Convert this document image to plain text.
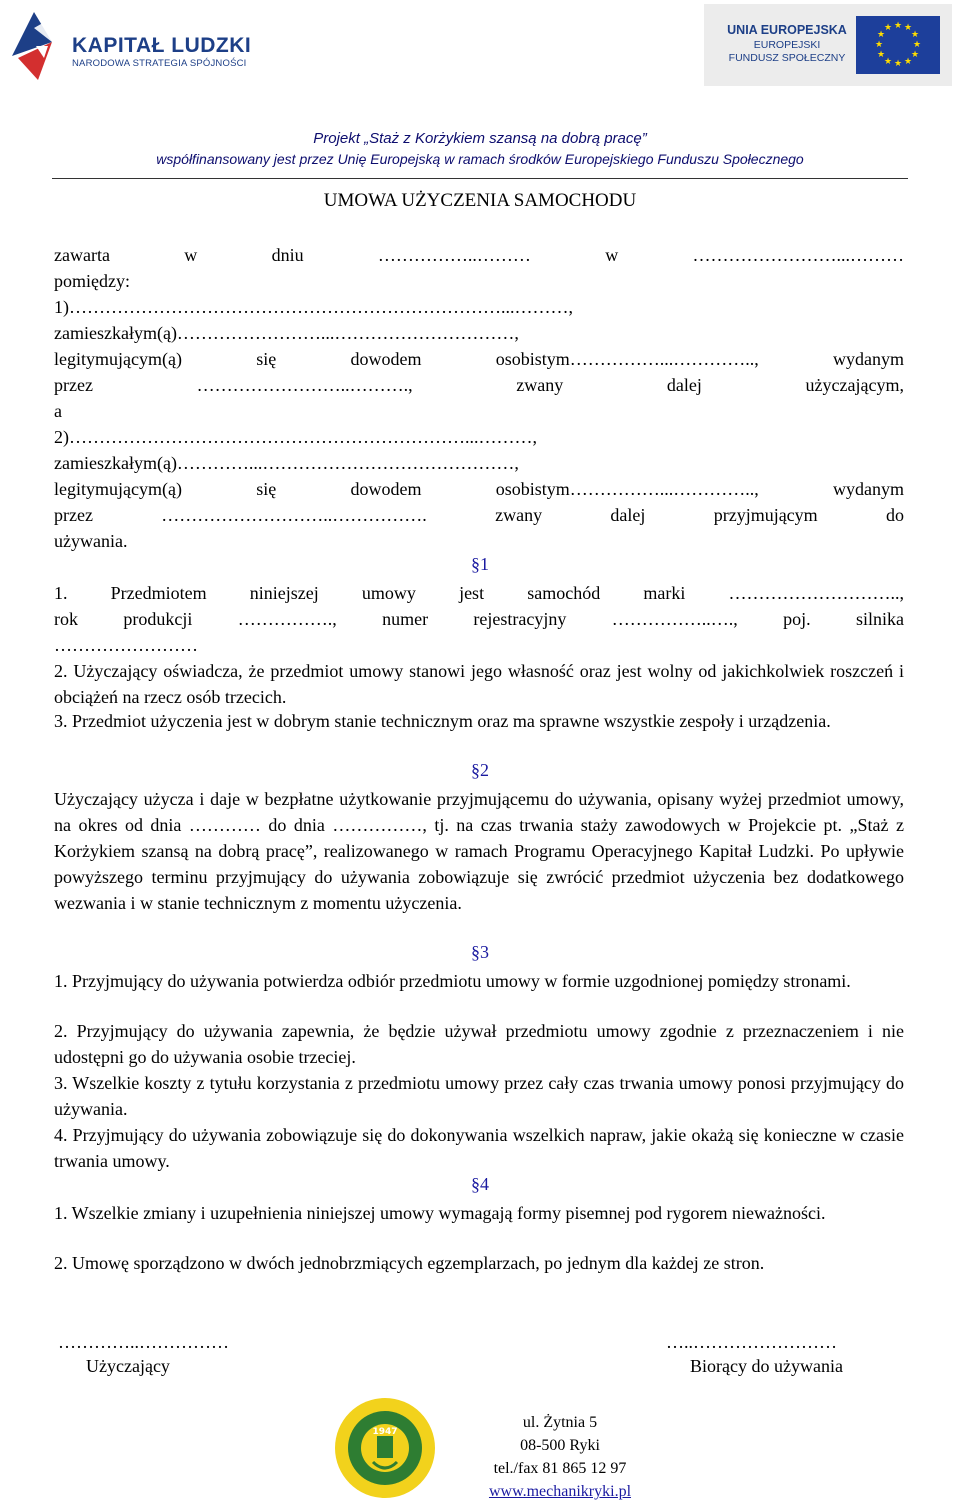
KAPITAŁ LUDZKI
NARODOWA STRATEGIA SPÓJNOŚCI
UNIA EUROPEJSKA
EUROPEJSKI
FUNDUSZ SPOŁECZNY
★ ★
★
★
★
★
★
★
★
★
★
★
Projekt „Staż z Korżykiem szansą na dobrą pracę”
współfinansowany jest przez Unię Europejską w ramach środków Europejskiego Funduszu Społecznego
UMOWA UŻYCZENIA SAMOCHODU
zawarta w dniu ……………..……… w ……………………...………
pomiędzy:
1)………………………………………………………………...………,
zamieszkałym(ą)……………………...…………………………,
legitymującym(ą) się dowodem osobistym……………...………….., wydanym
przez ……………………..………., zwany dalej użyczającym,
a
2)…………………………………………………………...………,
zamieszkałym(ą)…………...……………………………………,
legitymującym(ą) się dowodem osobistym……………...………….., wydanym
przez ………………………..……………. zwany dalej przyjmującym do
używania.
§1
1. Przedmiotem niniejszej umowy jest samochód marki ………………………..,
rok produkcji ……………., numer rejestracyjny ……………..…., poj. silnika
……………………
2. Użyczający oświadcza, że przedmiot umowy stanowi jego własność oraz jest wolny od jakichkolwiek roszczeń i obciążeń na rzecz osób trzecich.
3. Przedmiot użyczenia jest w dobrym stanie technicznym oraz ma sprawne wszystkie zespoły i urządzenia.
§2
Użyczający użycza i daje w bezpłatne użytkowanie przyjmującemu do używania, opisany wyżej przedmiot umowy, na okres od dnia ………… do dnia ……………, tj. na czas trwania staży zawodowych w Projekcie pt. „Staż z Korżykiem szansą na dobrą pracę”, realizowanego w ramach Programu Operacyjnego Kapitał Ludzki. Po upływie powyższego terminu przyjmujący do używania zobowiązuje się zwrócić przedmiot użyczenia bez dodatkowego wezwania i w stanie technicznym z momentu użyczenia.
§3
1. Przyjmujący do używania potwierdza odbiór przedmiotu umowy w formie uzgodnionej pomiędzy stronami.
2. Przyjmujący do używania zapewnia, że będzie używał przedmiotu umowy zgodnie z przeznaczeniem i nie udostępni go do używania osobie trzeciej.
3. Wszelkie koszty z tytułu korzystania z przedmiotu umowy przez cały czas trwania umowy ponosi przyjmujący do używania.
4. Przyjmujący do używania zobowiązuje się do dokonywania wszelkich napraw, jakie okażą się konieczne w czasie trwania umowy.
§4
1. Wszelkie zmiany i uzupełnienia niniejszej umowy wymagają formy pisemnej pod rygorem nieważności.
2. Umowę sporządzono w dwóch jednobrzmiących egzemplarzach, po jednym dla każdej ze stron.
…………..……………
Użyczający
…..……………………
Biorący do używania
1947
ul. Żytnia 5
08-500 Ryki
tel./fax 81 865 12 97
www.mechanikryki.pl
